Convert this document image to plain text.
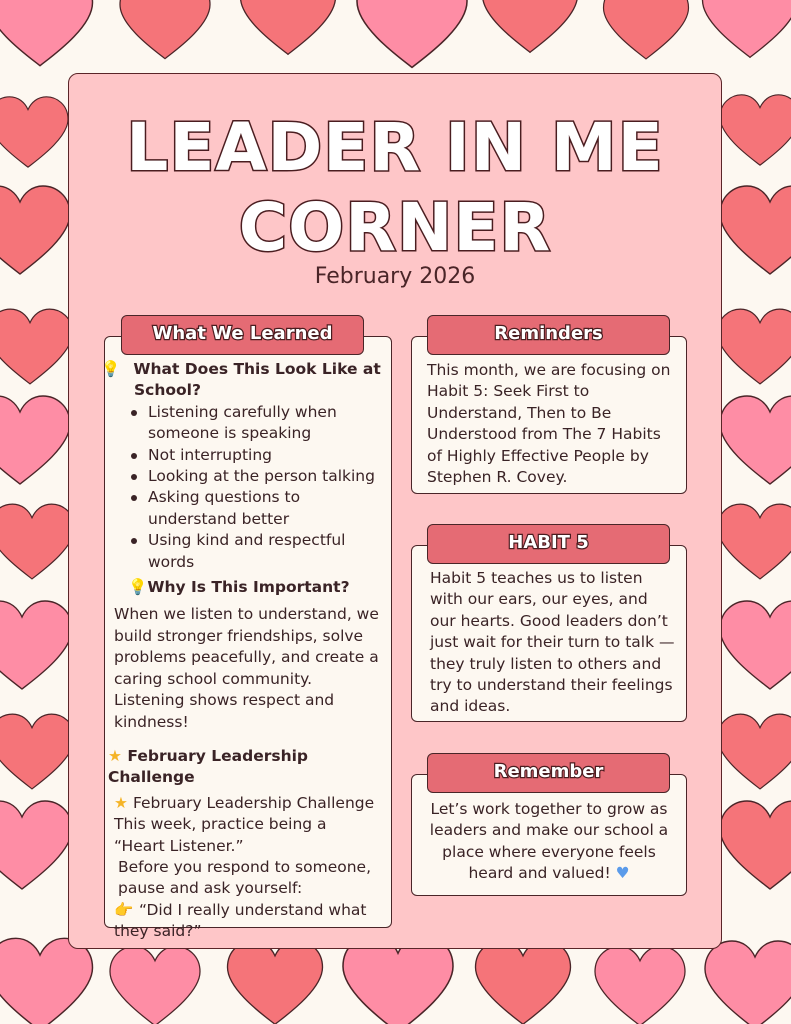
LEADER IN ME CORNER

February 2026

💡 What Does This Look Like at School?

Listening carefully when someone is speaking
Not interrupting
Looking at the person talking
Asking questions to understand better
Using kind and respectful words

💡 Why Is This Important?

When we listen to understand, we build stronger friendships, solve problems peacefully, and create a caring school community. Listening shows respect and kindness!

★ February Leadership Challenge

★ February Leadership Challenge

This week, practice being a “Heart Listener.”

Before you respond to someone, pause and ask yourself:

👉 “Did I really understand what they said?”

What We Learned

This month, we are focusing on Habit 5: Seek First to Understand, Then to Be Understood from The 7 Habits of Highly Effective People by Stephen R. Covey.

Reminders

Habit 5 teaches us to listen with our ears, our eyes, and our hearts. Good leaders don’t just wait for their turn to talk — they truly listen to others and try to understand their feelings and ideas.

HABIT 5

Let’s work together to grow as leaders and make our school a place where everyone feels heard and valued! ♥

Remember
